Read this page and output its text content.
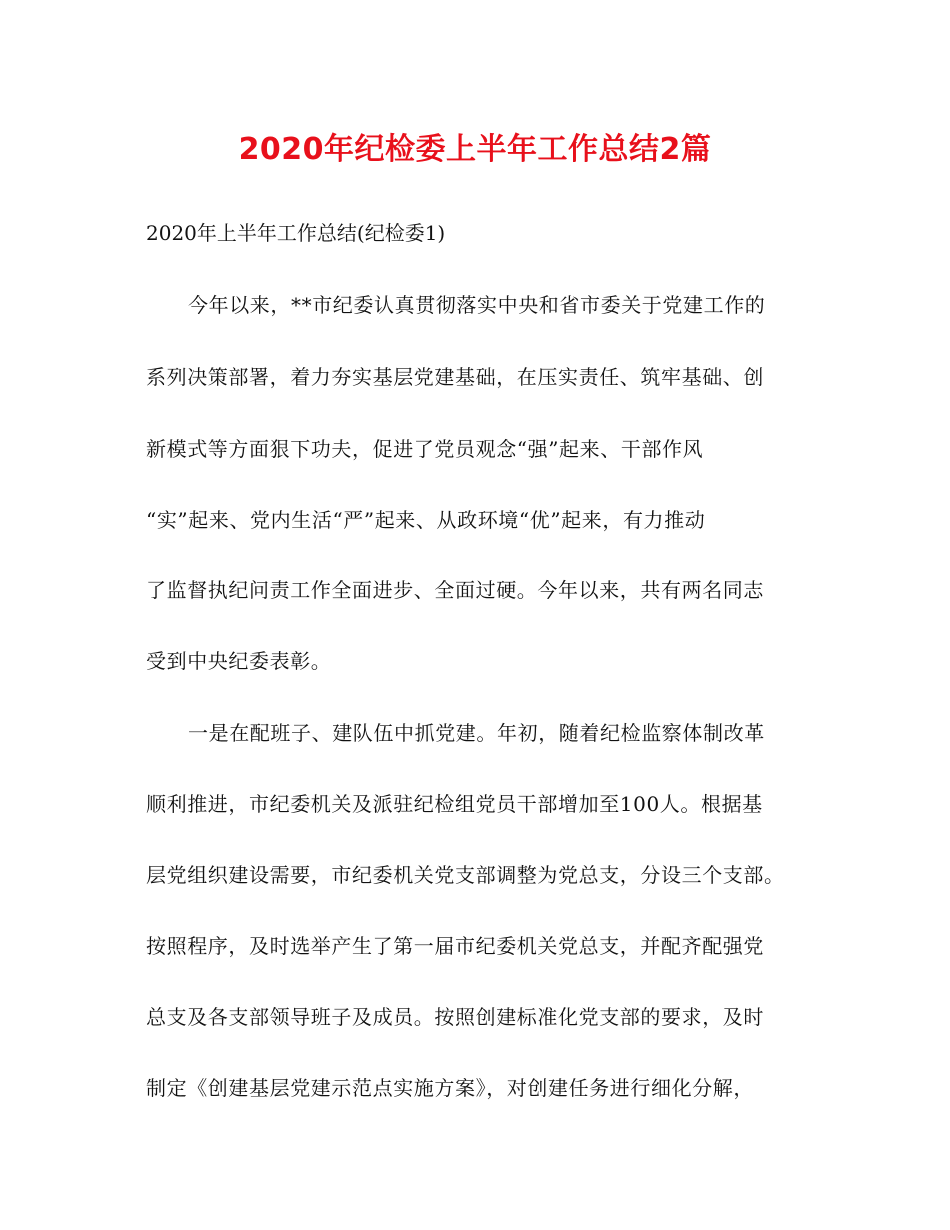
2020年纪检委上半年工作总结2篇
2020年上半年工作总结(纪检委1)
今年以来，**市纪委认真贯彻落实中央和省市委关于党建工作的
系列决策部署，着力夯实基层党建基础，在压实责任、筑牢基础、创
新模式等方面狠下功夫，促进了党员观念“强”起来、干部作风
“实”起来、党内生活“严”起来、从政环境“优”起来，有力推动
了监督执纪问责工作全面进步、全面过硬。今年以来，共有两名同志
受到中央纪委表彰。
一是在配班子、建队伍中抓党建。年初，随着纪检监察体制改革
顺利推进，市纪委机关及派驻纪检组党员干部增加至100人。根据基
层党组织建设需要，市纪委机关党支部调整为党总支，分设三个支部。
按照程序，及时选举产生了第一届市纪委机关党总支，并配齐配强党
总支及各支部领导班子及成员。按照创建标准化党支部的要求，及时
制定《创建基层党建示范点实施方案》，对创建任务进行细化分解，
